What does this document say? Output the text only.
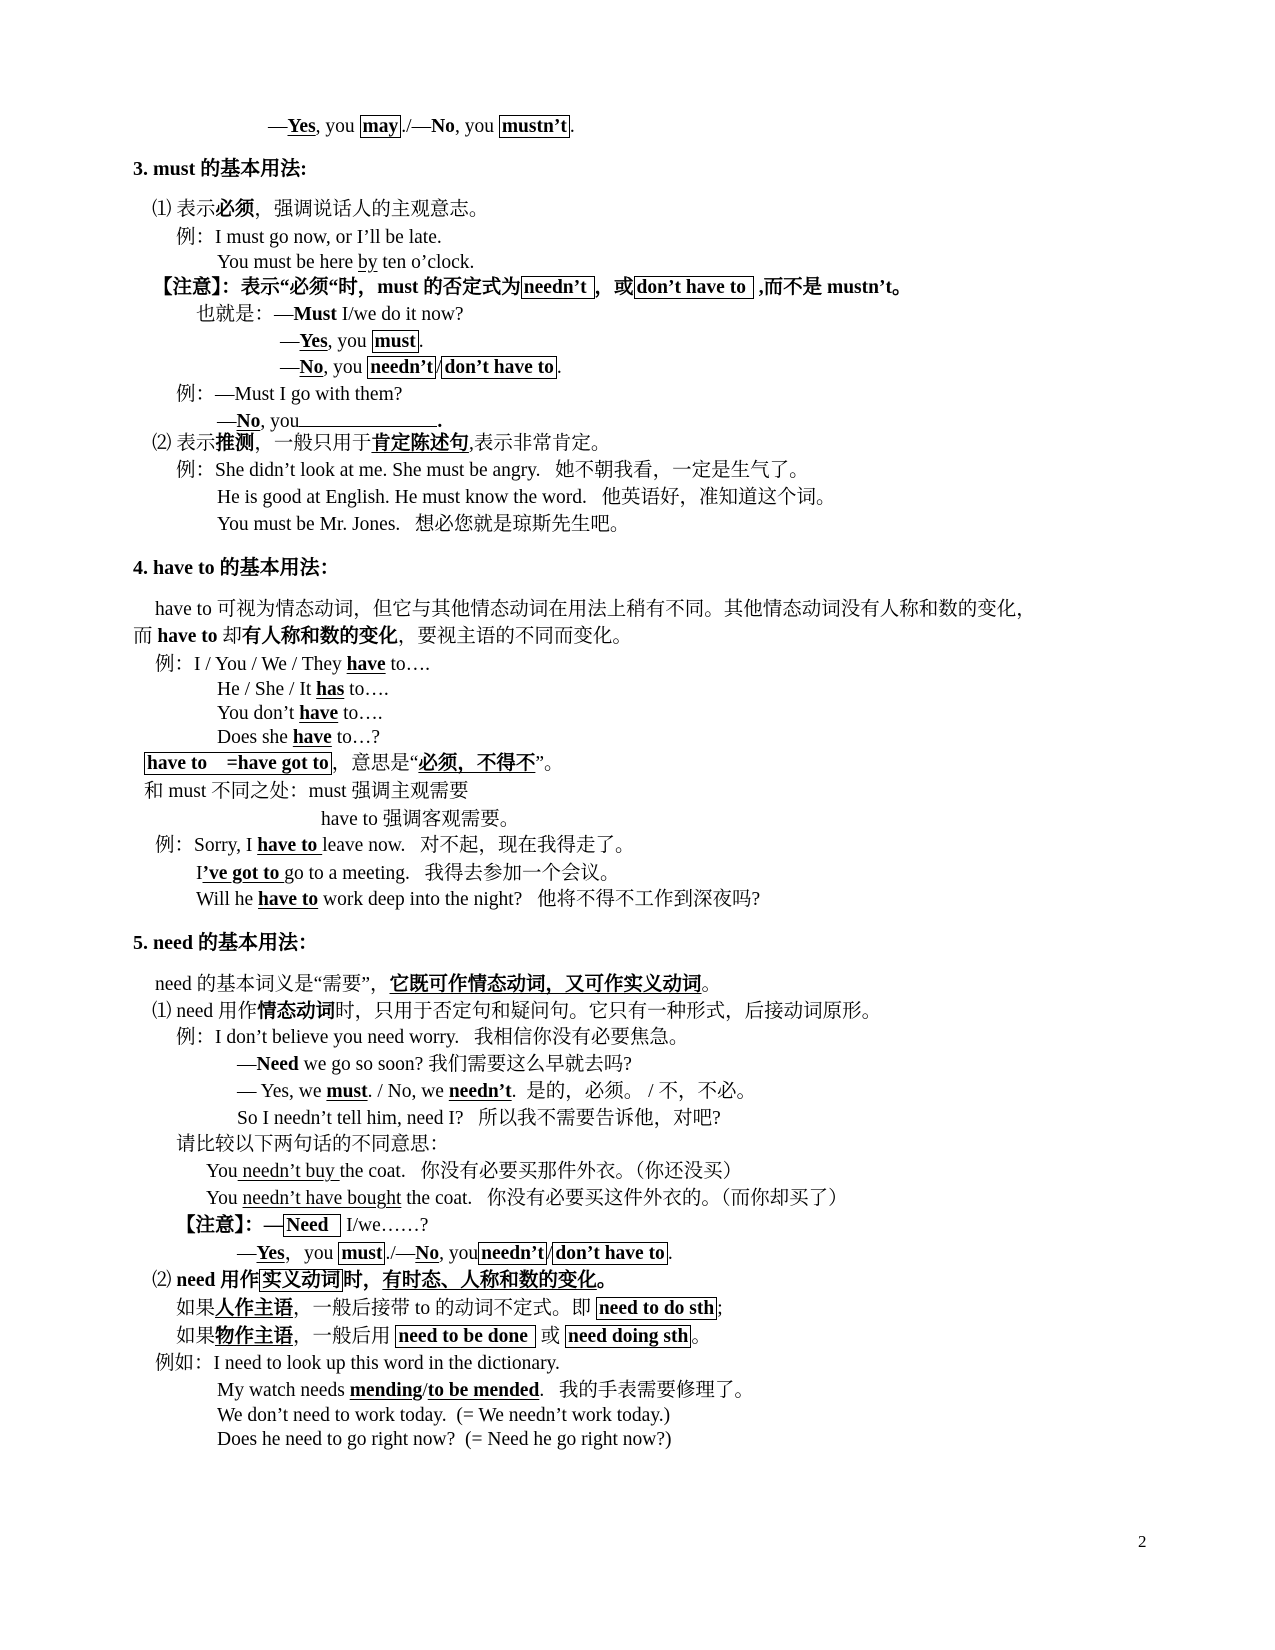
—Yes, you may ./—No, you mustn’t .
3. must 的基本用法:
⑴ 表示必须，强调说话人的主观意志。
例：I must go now, or I’ll be late.
You must be here by ten o’clock.
【注意】：表示“必须“时，must 的否定式为 needn’t ，或 don’t have to  ,而不是 mustn’t。
也就是：—Must I/we do it now?
—Yes, you must .
—No, you needn’t / don’t have to .
例：—Must I go with them?
—No, you	.
⑵ 表示推测，一般只用于肯定陈述句,表示非常肯定。
例：She didn’t look at me. She must be angry.   她不朝我看，一定是生气了。
He is good at English. He must know the word.   他英语好，准知道这个词。
You must be Mr. Jones.   想必您就是琼斯先生吧。
4. have to 的基本用法：
have to 可视为情态动词，但它与其他情态动词在用法上稍有不同。其他情态动词没有人称和数的变化，
而 have to 却有人称和数的变化，要视主语的不同而变化。
例：I / You / We / They have to….
He / She / It has to….
You don’t have to….
Does she have to…?
have to    =have got to ，意思是“必须，不得不”。
和 must 不同之处：must 强调主观需要
have to 强调客观需要。
例：Sorry, I have to leave now.   对不起，现在我得走了。
I’ve got to go to a meeting.   我得去参加一个会议。
Will he have to work deep into the night?   他将不得不工作到深夜吗?
5. need 的基本用法：
need 的基本词义是“需要”，它既可作情态动词，又可作实义动词。
⑴ need 用作情态动词时，只用于否定句和疑问句。它只有一种形式，后接动词原形。
例：I don’t believe you need worry.   我相信你没有必要焦急。
—Need we go so soon? 我们需要这么早就去吗?
— Yes, we must. / No, we needn’t.  是的，必须。 / 不，不必。
So I needn’t tell him, need I?   所以我不需要告诉他，对吧?
请比较以下两句话的不同意思：
You needn’t buy the coat.   你没有必要买那件外衣。（你还没买）
You needn’t have bought the coat.   你没有必要买这件外衣的。（而你却买了）
【注意】：— Need   I/we……?
—Yes，you must ./—No, you needn’t / don’t have to .
⑵ need 用作 实义动词 时，有时态、人称和数的变化。
如果人作主语，一般后接带 to 的动词不定式。即 need to do sth ;
如果物作主语，一般后用 need to be done  或 need doing sth 。
例如：I need to look up this word in the dictionary.
My watch needs mending/to be mended.   我的手表需要修理了。
We don’t need to work today.  (= We needn’t work today.)
Does he need to go right now?  (= Need he go right now?)
2
